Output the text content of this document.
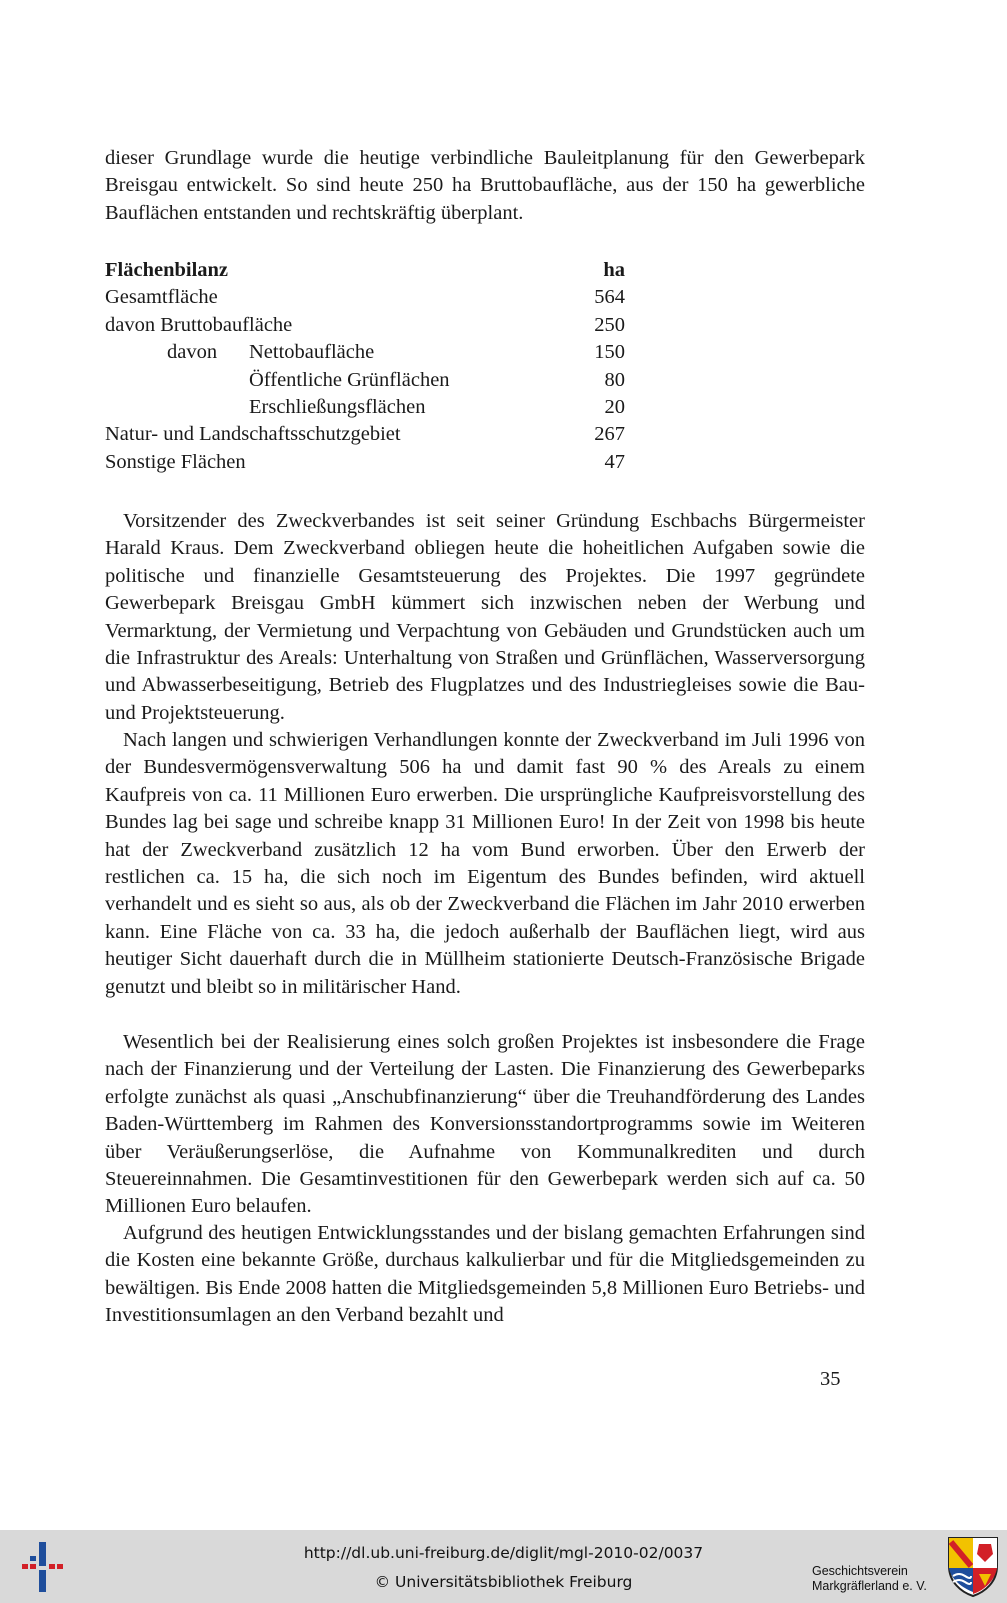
dieser Grundlage wurde die heutige verbindliche Bauleitplanung für den Gewerbepark Breisgau entwickelt. So sind heute 250 ha Bruttobaufläche, aus der 150 ha gewerbliche Bauflächen entstanden und rechtskräftig überplant.

Flächenbilanz	ha
Gesamtfläche	564
davon Bruttobaufläche	250
davon Nettobaufläche	150
Öffentliche Grünflächen	80
Erschließungsflächen	20
Natur- und Landschaftsschutzgebiet	267
Sonstige Flächen	47

Vorsitzender des Zweckverbandes ist seit seiner Gründung Eschbachs Bürgermeister Harald Kraus. Dem Zweckverband obliegen heute die hoheitlichen Aufgaben sowie die politische und finanzielle Gesamtsteuerung des Projektes. Die 1997 gegründete Gewerbepark Breisgau GmbH kümmert sich inzwischen neben der Werbung und Vermarktung, der Vermietung und Verpachtung von Gebäuden und Grundstücken auch um die Infrastruktur des Areals: Unterhaltung von Straßen und Grünflächen, Wasserversorgung und Abwasserbeseitigung, Betrieb des Flugplatzes und des Industriegleises sowie die Bau- und Projektsteuerung.

Nach langen und schwierigen Verhandlungen konnte der Zweckverband im Juli 1996 von der Bundesvermögensverwaltung 506 ha und damit fast 90 % des Areals zu einem Kaufpreis von ca. 11 Millionen Euro erwerben. Die ursprüngliche Kaufpreisvorstellung des Bundes lag bei sage und schreibe knapp 31 Millionen Euro! In der Zeit von 1998 bis heute hat der Zweckverband zusätzlich 12 ha vom Bund erworben. Über den Erwerb der restlichen ca. 15 ha, die sich noch im Eigentum des Bundes befinden, wird aktuell verhandelt und es sieht so aus, als ob der Zweckverband die Flächen im Jahr 2010 erwerben kann. Eine Fläche von ca. 33 ha, die jedoch außerhalb der Bauflächen liegt, wird aus heutiger Sicht dauerhaft durch die in Müllheim stationierte Deutsch-Französische Brigade genutzt und bleibt so in militärischer Hand.

Wesentlich bei der Realisierung eines solch großen Projektes ist insbesondere die Frage nach der Finanzierung und der Verteilung der Lasten. Die Finanzierung des Gewerbeparks erfolgte zunächst als quasi „Anschubfinanzierung“ über die Treuhandförderung des Landes Baden-Württemberg im Rahmen des Konversionsstandortprogramms sowie im Weiteren über Veräußerungserlöse, die Aufnahme von Kommunalkrediten und durch Steuereinnahmen. Die Gesamtinvestitionen für den Gewerbepark werden sich auf ca. 50 Millionen Euro belaufen.

Aufgrund des heutigen Entwicklungsstandes und der bislang gemachten Erfahrungen sind die Kosten eine bekannte Größe, durchaus kalkulierbar und für die Mitgliedsgemeinden zu bewältigen. Bis Ende 2008 hatten die Mitgliedsgemeinden 5,8 Millionen Euro Betriebs- und Investitionsumlagen an den Verband bezahlt und

35
http://dl.ub.uni-freiburg.de/diglit/mgl-2010-02/0037
© Universitätsbibliothek Freiburg
Geschichtsverein
Markgräflerland e. V.
